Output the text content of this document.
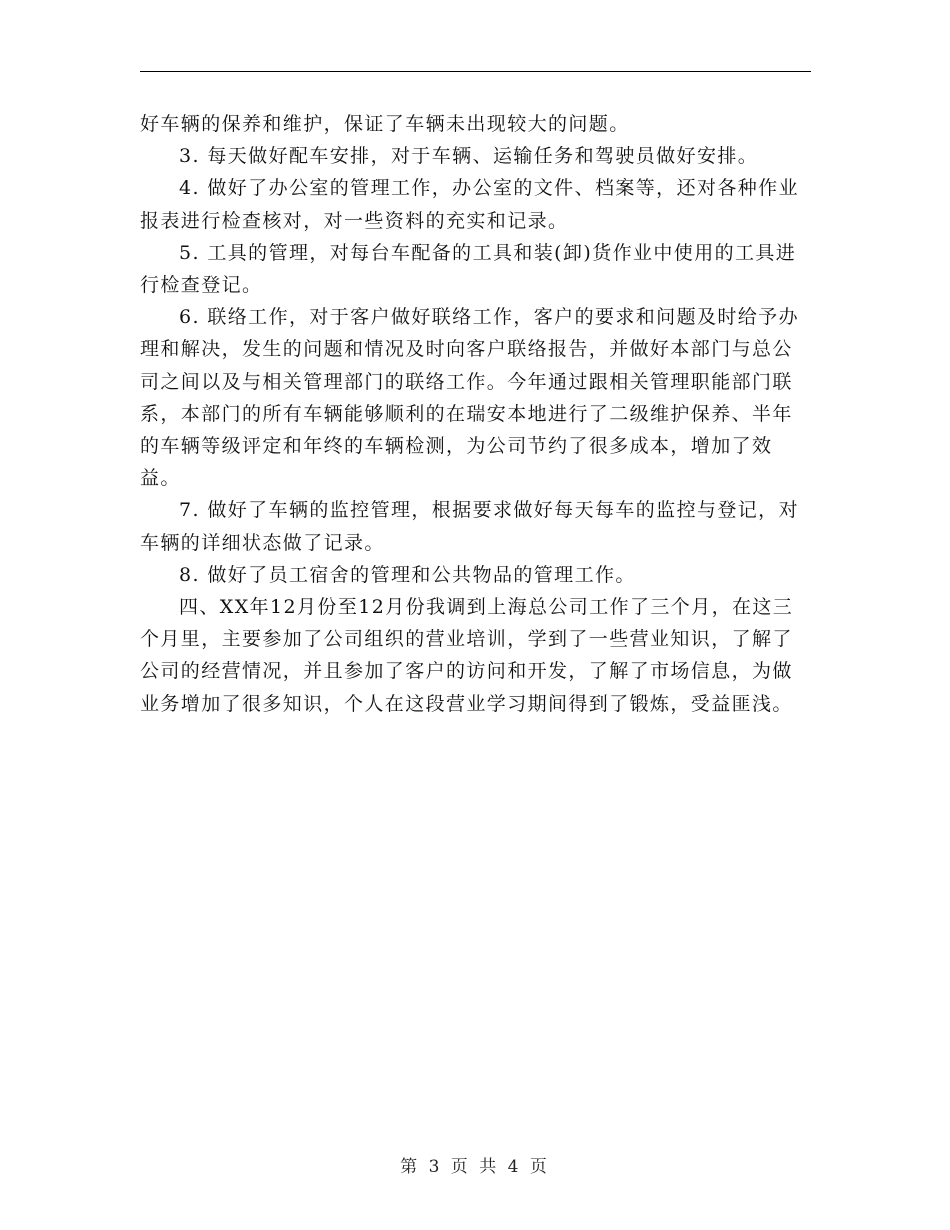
好车辆的保养和维护，保证了车辆未出现较大的问题。

3. 每天做好配车安排，对于车辆、运输任务和驾驶员做好安排。

4. 做好了办公室的管理工作，办公室的文件、档案等，还对各种作业报表进行检查核对，对一些资料的充实和记录。

5. 工具的管理，对每台车配备的工具和装(卸)货作业中使用的工具进行检查登记。

6. 联络工作，对于客户做好联络工作，客户的要求和问题及时给予办理和解决，发生的问题和情况及时向客户联络报告，并做好本部门与总公司之间以及与相关管理部门的联络工作。今年通过跟相关管理职能部门联系，本部门的所有车辆能够顺利的在瑞安本地进行了二级维护保养、半年的车辆等级评定和年终的车辆检测，为公司节约了很多成本，增加了效益。

7. 做好了车辆的监控管理，根据要求做好每天每车的监控与登记，对车辆的详细状态做了记录。

8. 做好了员工宿舍的管理和公共物品的管理工作。

四、XX年12月份至12月份我调到上海总公司工作了三个月，在这三个月里，主要参加了公司组织的营业培训，学到了一些营业知识，了解了公司的经营情况，并且参加了客户的访问和开发，了解了市场信息，为做业务增加了很多知识，个人在这段营业学习期间得到了锻炼，受益匪浅。

第 3 页 共 4 页
